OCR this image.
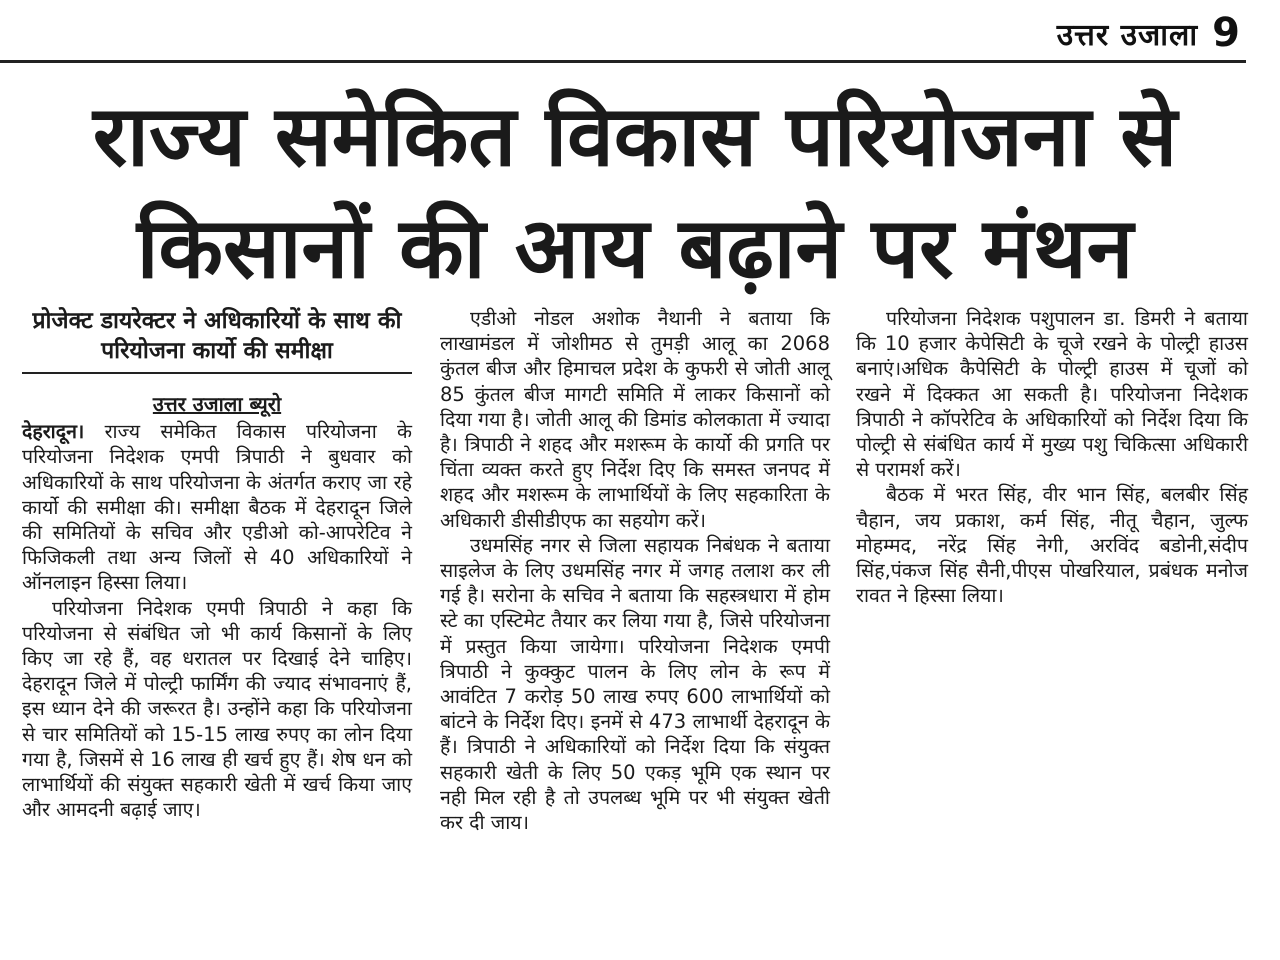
उत्तर उजाला 9
राज्य समेकित विकास परियोजना से किसानों की आय बढ़ाने पर मंथन
प्रोजेक्ट डायरेक्टर ने अधिकारियों के साथ की परियोजना कार्यो की समीक्षा
उत्तर उजाला ब्यूरो

देहरादून। राज्य समेकित विकास परियोजना के परियोजना निदेशक एमपी त्रिपाठी ने बुधवार को अधिकारियों के साथ परियोजना के अंतर्गत कराए जा रहे कार्यो की समीक्षा की। समीक्षा बैठक में देहरादून जिले की समितियों के सचिव और एडीओ को-आपरेटिव ने फिजिकली तथा अन्य जिलों से 40 अधिकारियों ने ऑनलाइन हिस्सा लिया।

परियोजना निदेशक एमपी त्रिपाठी ने कहा कि परियोजना से संबंधित जो भी कार्य किसानों के लिए किए जा रहे हैं, वह धरातल पर दिखाई देने चाहिए। देहरादून जिले में पोल्ट्री फार्मिंग की ज्याद संभावनाएं हैं, इस ध्यान देने की जरूरत है। उन्होंने कहा कि परियोजना से चार समितियों को 15-15 लाख रुपए का लोन दिया गया है, जिसमें से 16 लाख ही खर्च हुए हैं। शेष धन को लाभार्थियों की संयुक्त सहकारी खेती में खर्च किया जाए और आमदनी बढ़ाई जाए।

एडीओ नोडल अशोक नैथानी ने बताया कि लाखामंडल में जोशीमठ से तुमड़ी आलू का 2068 कुंतल बीज और हिमाचल प्रदेश के कुफरी से जोती आलू 85 कुंतल बीज मागटी समिति में लाकर किसानों को दिया गया है। जोती आलू की डिमांड कोलकाता में ज्यादा है। त्रिपाठी ने शहद और मशरूम के कार्यो की प्रगति पर चिंता व्यक्त करते हुए निर्देश दिए कि समस्त जनपद में शहद और मशरूम के लाभार्थियों के लिए सहकारिता के अधिकारी डीसीडीएफ का सहयोग करें।

उधमसिंह नगर से जिला सहायक निबंधक ने बताया साइलेज के लिए उधमसिंह नगर में जगह तलाश कर ली गई है। सरोना के सचिव ने बताया कि सहस्त्रधारा में होम स्टे का एस्टिमेट तैयार कर लिया गया है, जिसे परियोजना में प्रस्तुत किया जायेगा। परियोजना निदेशक एमपी त्रिपाठी ने कुक्कुट पालन के लिए लोन के रूप में आवंटित 7 करोड़ 50 लाख रुपए 600 लाभार्थियों को बांटने के निर्देश दिए। इनमें से 473 लाभार्थी देहरादून के हैं। त्रिपाठी ने अधिकारियों को निर्देश दिया कि संयुक्त सहकारी खेती के लिए 50 एकड़ भूमि एक स्थान पर नही मिल रही है तो उपलब्ध भूमि पर भी संयुक्त खेती कर दी जाय।

परियोजना निदेशक पशुपालन डा. डिमरी ने बताया कि 10 हजार केपेसिटी के चूजे रखने के पोल्ट्री हाउस बनाएं।अधिक कैपेसिटी के पोल्ट्री हाउस में चूजों को रखने में दिक्कत आ सकती है। परियोजना निदेशक त्रिपाठी ने कॉपरेटिव के अधिकारियों को निर्देश दिया कि पोल्ट्री से संबंधित कार्य में मुख्य पशु चिकित्सा अधिकारी से परामर्श करें।

बैठक में भरत सिंह, वीर भान सिंह, बलबीर सिंह चैहान, जय प्रकाश, कर्म सिंह, नीतू चैहान, जुल्फ मोहम्मद, नरेंद्र सिंह नेगी, अरविंद बडोनी,संदीप सिंह,पंकज सिंह सैनी,पीएस पोखरियाल, प्रबंधक मनोज रावत ने हिस्सा लिया।
